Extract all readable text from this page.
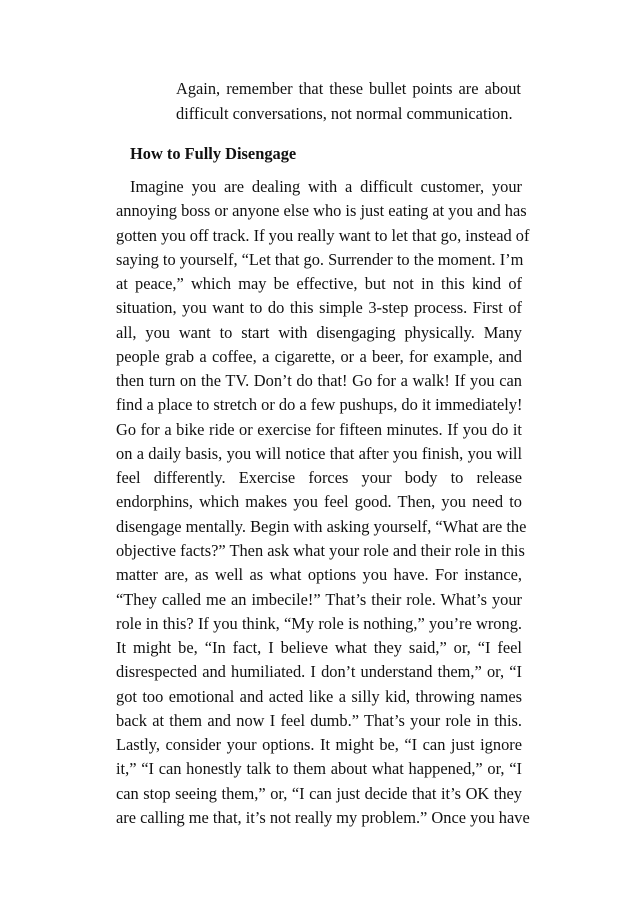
Again, remember that these bullet points are about
difficult conversations, not normal communication.
How to Fully Disengage
Imagine you are dealing with a difficult customer, your
annoying boss or anyone else who is just eating at you and has
gotten you off track. If you really want to let that go, instead of
saying to yourself, “Let that go. Surrender to the moment. I’m
at peace,” which may be effective, but not in this kind of
situation, you want to do this simple 3-step process. First of
all, you want to start with disengaging physically. Many
people grab a coffee, a cigarette, or a beer, for example, and
then turn on the TV. Don’t do that! Go for a walk! If you can
find a place to stretch or do a few pushups, do it immediately!
Go for a bike ride or exercise for fifteen minutes. If you do it
on a daily basis, you will notice that after you finish, you will
feel differently. Exercise forces your body to release
endorphins, which makes you feel good. Then, you need to
disengage mentally. Begin with asking yourself, “What are the
objective facts?” Then ask what your role and their role in this
matter are, as well as what options you have. For instance,
“They called me an imbecile!” That’s their role. What’s your
role in this? If you think, “My role is nothing,” you’re wrong.
It might be, “In fact, I believe what they said,” or, “I feel
disrespected and humiliated. I don’t understand them,” or, “I
got too emotional and acted like a silly kid, throwing names
back at them and now I feel dumb.” That’s your role in this.
Lastly, consider your options. It might be, “I can just ignore
it,” “I can honestly talk to them about what happened,” or, “I
can stop seeing them,” or, “I can just decide that it’s OK they
are calling me that, it’s not really my problem.” Once you have
